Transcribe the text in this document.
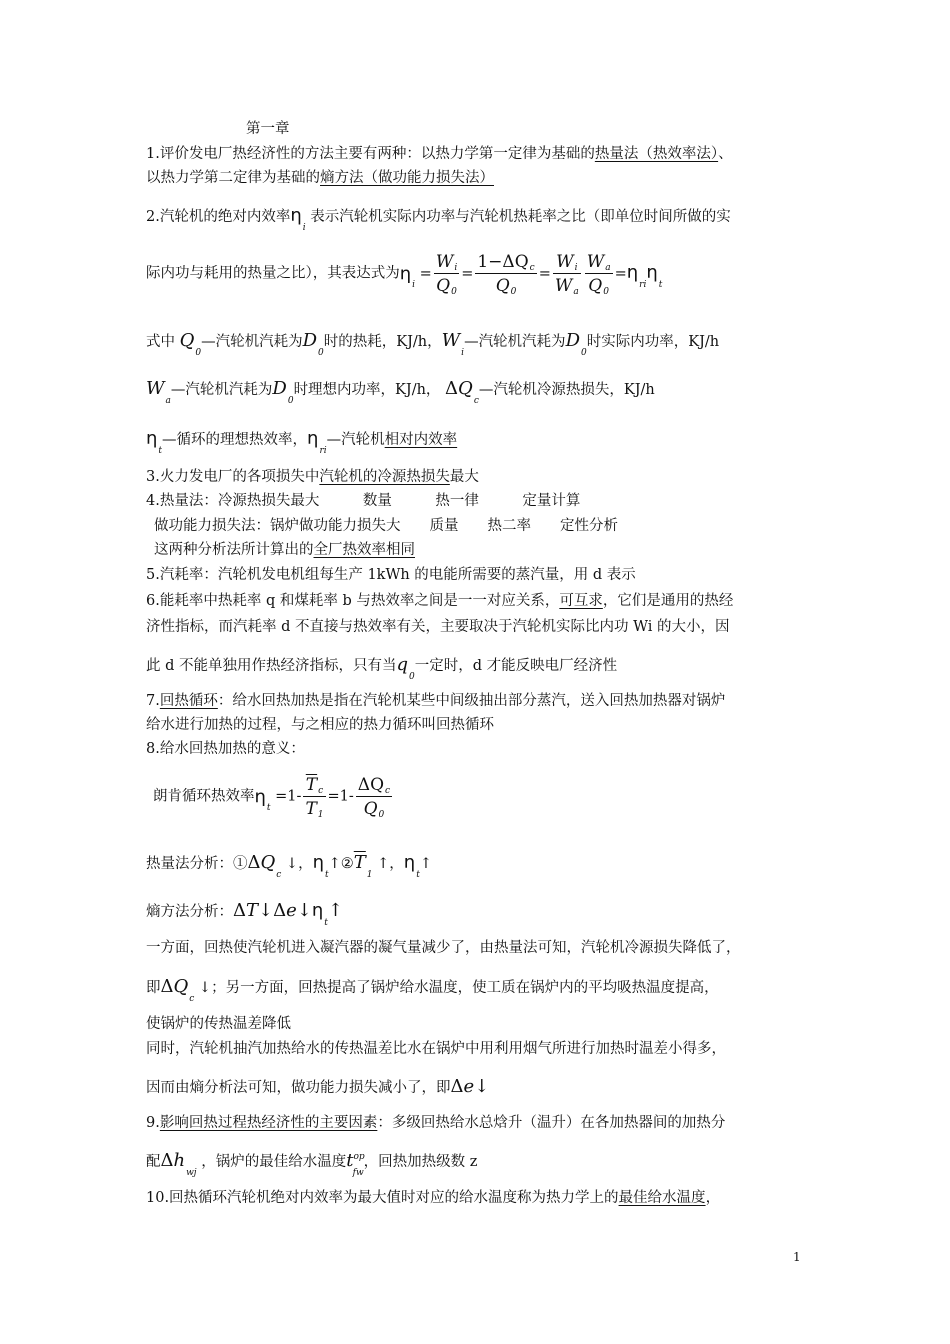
第一章
1.评价发电厂热经济性的方法主要有两种：以热力学第一定律为基础的热量法（热效率法）、
以热力学第二定律为基础的熵方法（做功能力损失法）
2.汽轮机的绝对内效率$\eta_i$ 表示汽轮机实际内功率与汽轮机热耗率之比（即单位时间所做的实
际内功与耗用的热量之比），其表达式为$\eta_i = \frac{Wi}{Q0} = \frac{\text{1−ΔQc}}{Q0} = \frac{Wi}{Wa} \frac{Wa}{Q0} =\eta_{ri}\eta_t$
式中 $Q_0—$汽轮机汽耗为$D_0$时的热耗，KJ/h，$W_i—$汽轮机汽耗为$D_0$时实际内功率，KJ/h
$W_a—$汽轮机汽耗为$D_0$时理想内功率，KJ/h， $\Delta Q_c—$汽轮机冷源热损失，KJ/h
$\eta_t—$循环的理想热效率，$\eta_{ri}—$汽轮机相对内效率
3.火力发电厂的各项损失中汽轮机的冷源热损失最大
4.热量法：冷源热损失最大　　　数量　　　热一律　　　定量计算
做功能力损失法：锅炉做功能力损失大　　质量　　热二率　　定性分析
这两种分析法所计算出的全厂热效率相同
5.汽耗率：汽轮机发电机组每生产 1kWh 的电能所需要的蒸汽量，用 d 表示
6.能耗率中热耗率 q 和煤耗率 b 与热效率之间是一一对应关系，可互求，它们是通用的热经
济性指标，而汽耗率 d 不直接与热效率有关，主要取决于汽轮机实际比内功 Wi 的大小，因
此 d 不能单独用作热经济指标，只有当$q_0$一定时，d 才能反映电厂经济性
7.回热循环：给水回热加热是指在汽轮机某些中间级抽出部分蒸汽，送入回热加热器对锅炉
给水进行加热的过程，与之相应的热力循环叫回热循环
8.给水回热加热的意义：
朗肯循环热效率$\eta_t =1- \frac{\overline{T}c}{T1} =1- \frac{\text{ΔQc}}{Q0}$
热量法分析：$①\Delta Q_c$ ↓，$\eta_t↑②\overline{T}_1$ ↑，$\eta_t↑$
熵方法分析：$\Delta T↓\Delta e↓\eta_t↑$
一方面，回热使汽轮机进入凝汽器的凝气量减少了，由热量法可知，汽轮机冷源损失降低了，
即$\Delta Q_c$ ↓；另一方面，回热提高了锅炉给水温度，使工质在锅炉内的平均吸热温度提高，
使锅炉的传热温差降低
同时，汽轮机抽汽加热给水的传热温差比水在锅炉中用利用烟气所进行加热时温差小得多，
因而由熵分析法可知，做功能力损失减小了，即Δe↓
9.影响回热过程热经济性的主要因素：多级回热给水总焓升（温升）在各加热器间的加热分
配$\Delta h_{wj}$ ，锅炉的最佳给水温度$t^{op}_{fw}$，回热加热级数 z
10.回热循环汽轮机绝对内效率为最大值时对应的给水温度称为热力学上的最佳给水温度，
1
